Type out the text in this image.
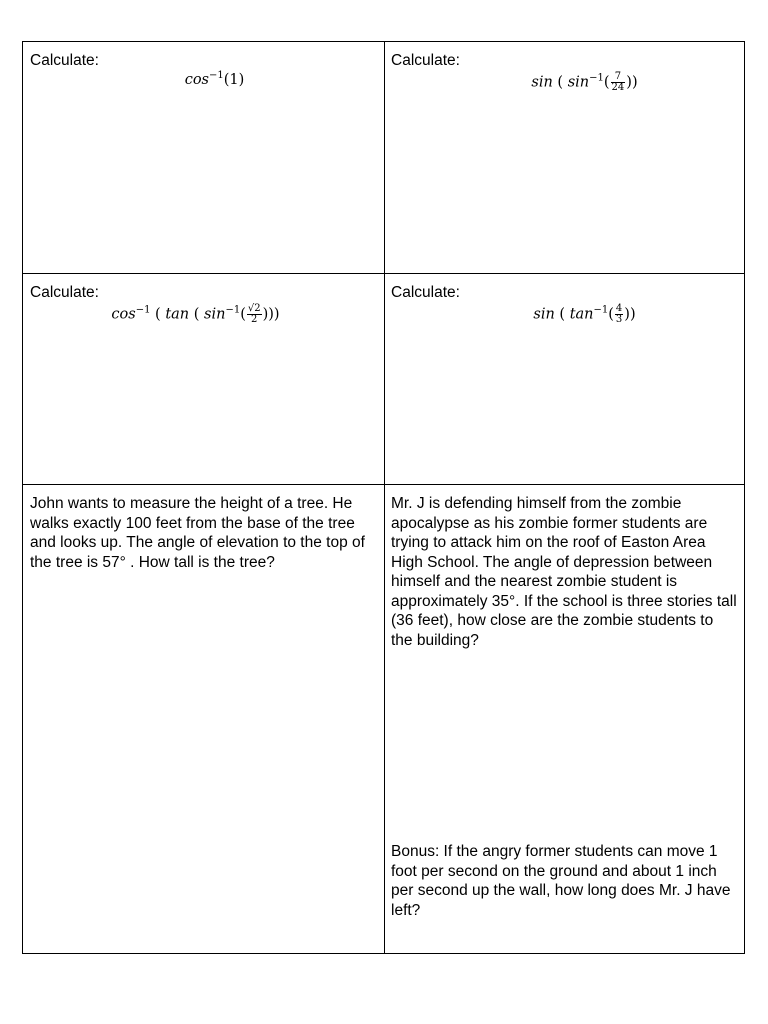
Calculate:
$\cos^{-1}(1)$
Calculate:
sin ( $\sin^{-1}( \frac{7}{24}$ ))
Calculate:
$\cos^{-1}$ ( tan ( $\sin^{-1}( \frac{√2}{2}$ )))
Calculate:
sin ( $\tan^{-1}( \frac{4}{3}$ ))
John wants to measure the height of a tree. He walks exactly 100 feet from the base of the tree and looks up. The angle of elevation to the top of the tree is 57° . How tall is the tree?
Mr. J is defending himself from the zombie apocalypse as his zombie former students are trying to attack him on the roof of Easton Area High School. The angle of depression between himself and the nearest zombie student is approximately 35°. If the school is three stories tall (36 feet), how close are the zombie students to the building?
Bonus: If the angry former students can move 1 foot per second on the ground and about 1 inch per second up the wall, how long does Mr. J have left?
